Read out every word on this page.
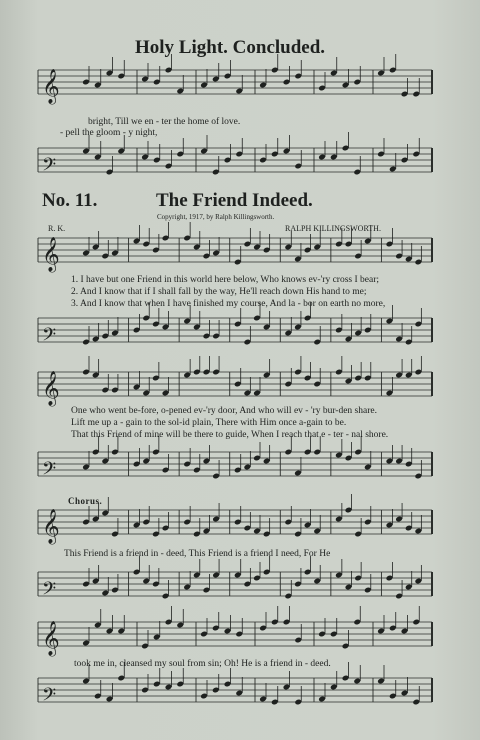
𝄞
𝄢
𝄞
𝄢
𝄞
𝄢
𝄞
𝄢
𝄞
𝄢
Holy Light. Concluded.
bright, Till we en - ter the home of love.
- pell the gloom - y night,
No. 11.	The Friend Indeed.
Copyright, 1917, by Ralph Killingsworth.
R. K.	RALPH KILLINGSWORTH.
1. I have but one Friend in this world here below, Who knows ev-'ry cross I bear;
2. And I know that if I shall fall by the way, He'll reach down His hand to me;
3. And I know that when I have finished my course, And la - bor on earth no more,
One who went be-fore, o-pened ev-'ry door, And who will ev - 'ry bur-den share.
Lift me up a - gain to the sol-id plain, There with Him once a-gain to be.
That this Friend of mine will be there to guide, When I reach that e - ter - nal shore.
Chorus.
This Friend is a friend in - deed, This Friend is a friend I need, For He
took me in, cleansed my soul from sin; Oh! He is a friend in - deed.
